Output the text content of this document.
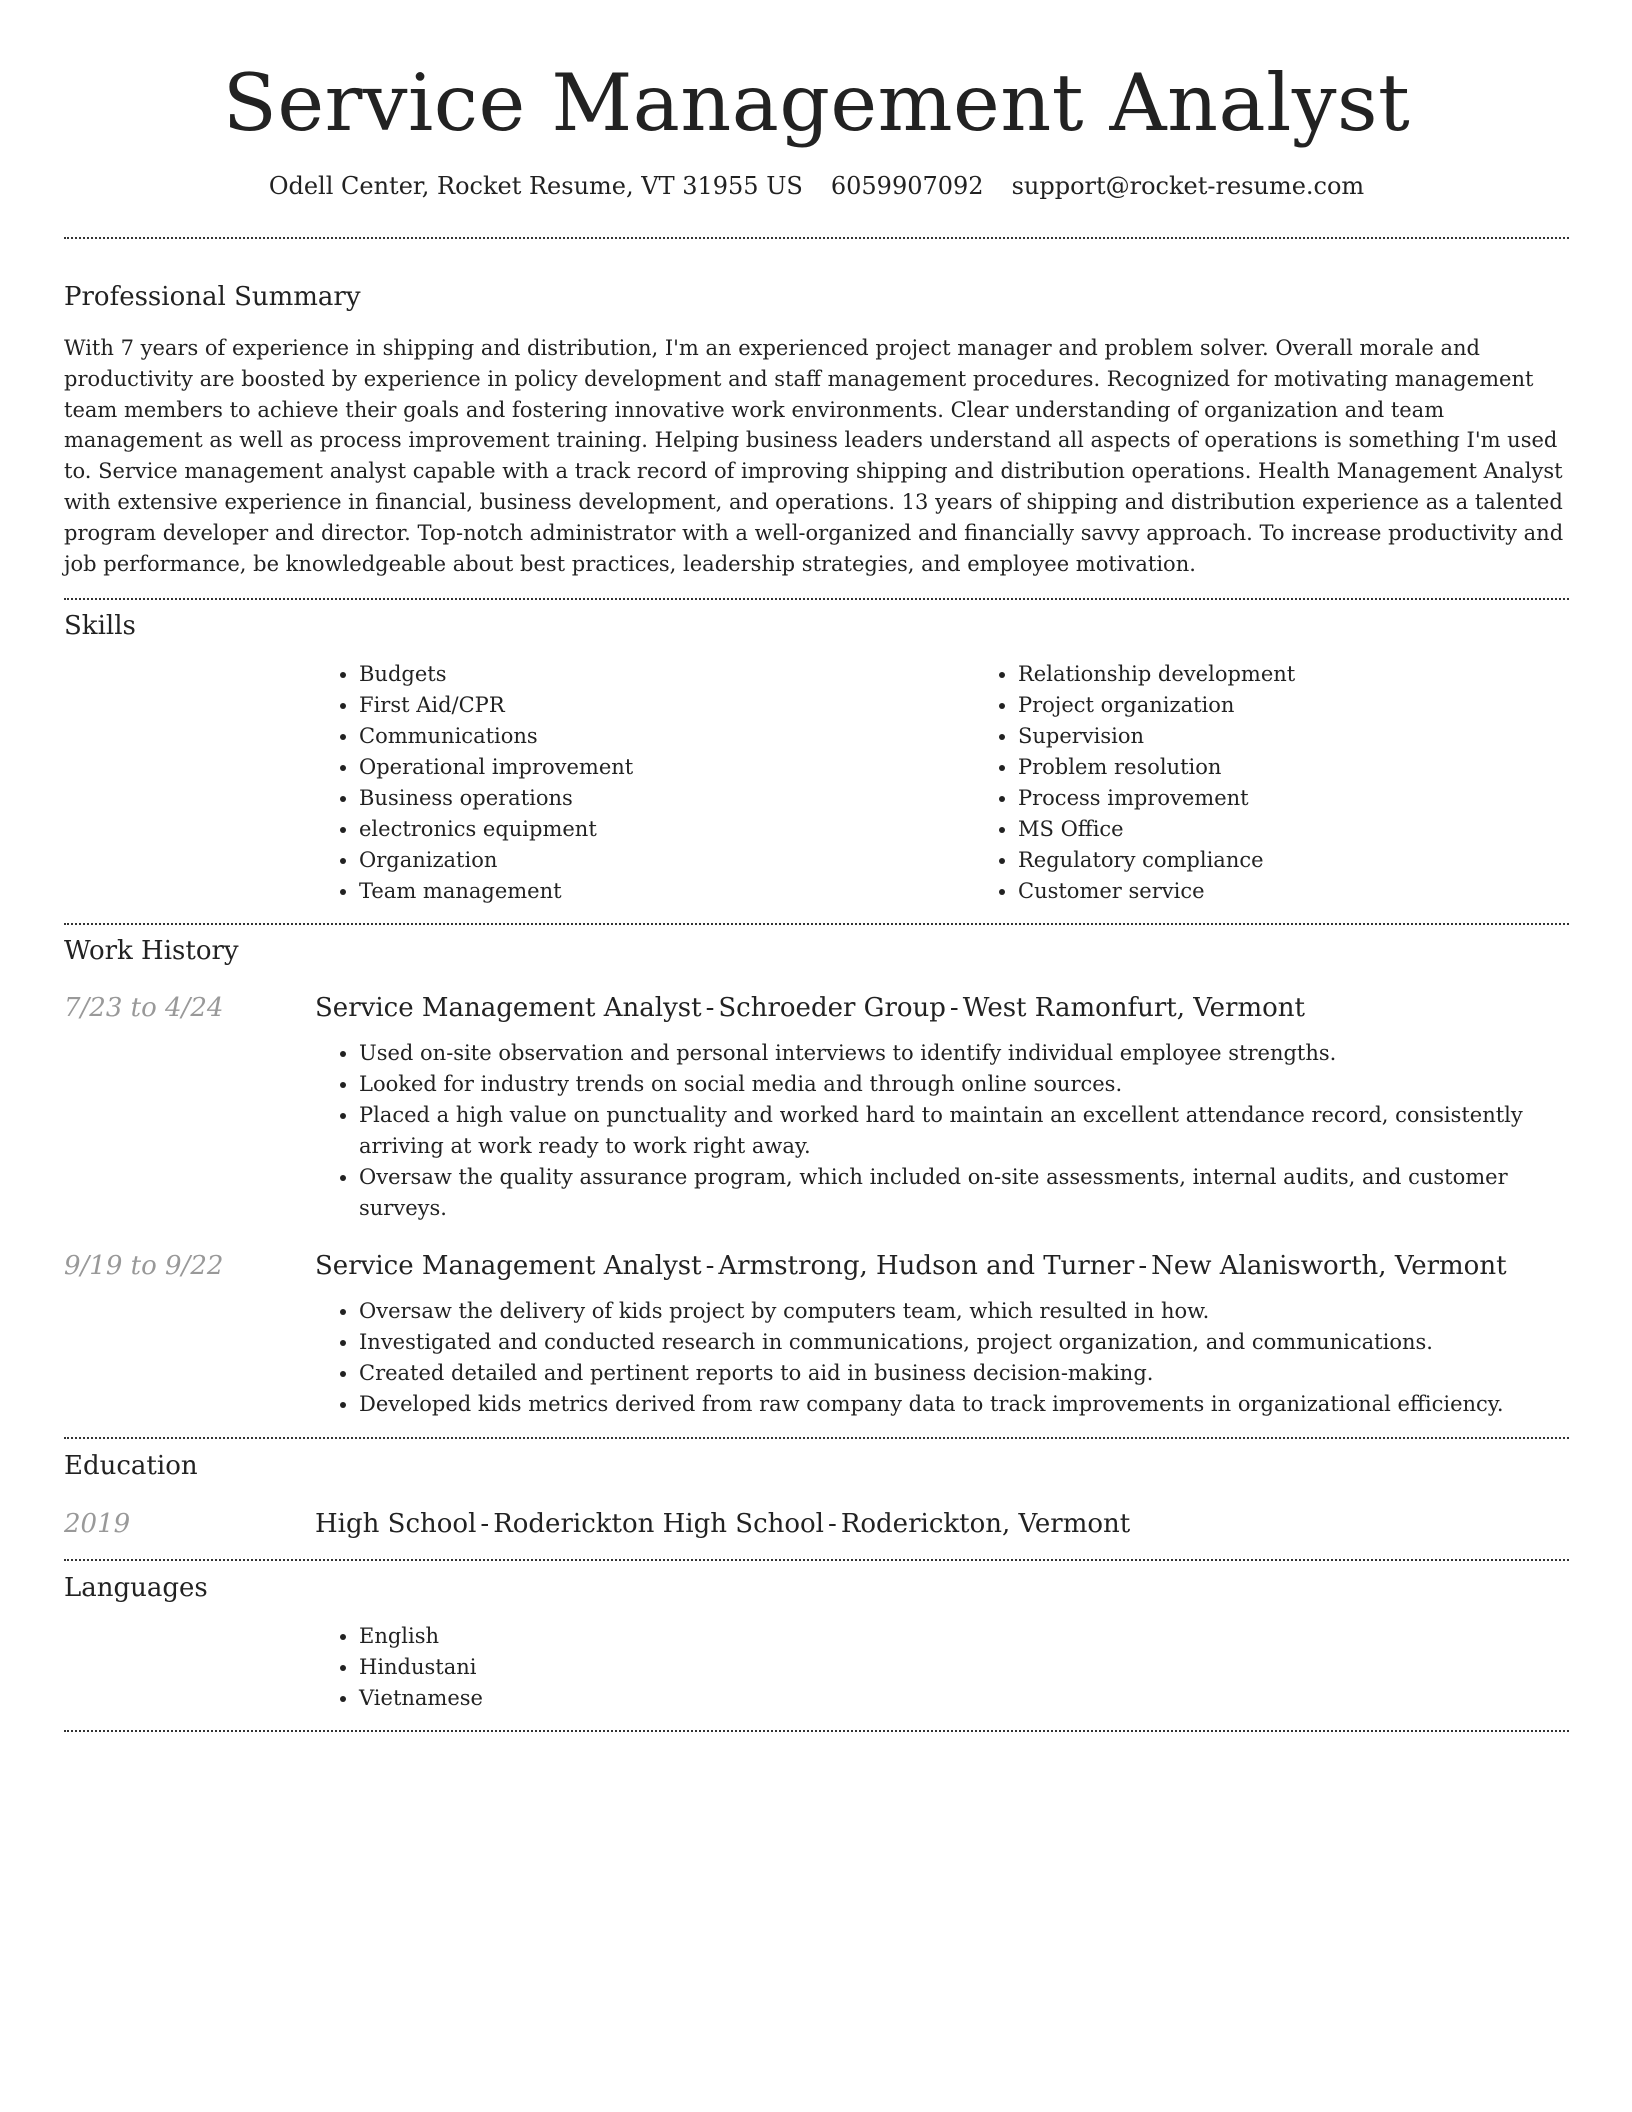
Service Management Analyst
Odell Center, Rocket Resume, VT 31955 US 6059907092 support@rocket-resume.com
Professional Summary

With 7 years of experience in shipping and distribution, I'm an experienced project manager and problem solver. Overall morale and productivity are boosted by experience in policy development and staff management procedures. Recognized for motivating management team members to achieve their goals and fostering innovative work environments. Clear understanding of organization and team management as well as process improvement training. Helping business leaders understand all aspects of operations is something I'm used to. Service management analyst capable with a track record of improving shipping and distribution operations. Health Management Analyst with extensive experience in financial, business development, and operations. 13 years of shipping and distribution experience as a talented program developer and director. Top-notch administrator with a well-organized and financially savvy approach. To increase productivity and job performance, be knowledgeable about best practices, leadership strategies, and employee motivation.

Skills
• Budgets
• First Aid/CPR
• Communications
• Operational improvement
• Business operations
• electronics equipment
• Organization
• Team management
• Relationship development
• Project organization
• Supervision
• Problem resolution
• Process improvement
• MS Office
• Regulatory compliance
• Customer service
Work History
7/23 to 4/24	Service Management Analyst - Schroeder Group - West Ramonfurt, Vermont
• Used on-site observation and personal interviews to identify individual employee strengths.
• Looked for industry trends on social media and through online sources.
• Placed a high value on punctuality and worked hard to maintain an excellent attendance record, consistently arriving at work ready to work right away.
• Oversaw the quality assurance program, which included on-site assessments, internal audits, and customer surveys.
9/19 to 9/22	Service Management Analyst - Armstrong, Hudson and Turner - New Alanisworth, Vermont
• Oversaw the delivery of kids project by computers team, which resulted in how.
• Investigated and conducted research in communications, project organization, and communications.
• Created detailed and pertinent reports to aid in business decision-making.
• Developed kids metrics derived from raw company data to track improvements in organizational efficiency.
Education
2019	High School - Roderickton High School - Roderickton, Vermont
Languages
• English
• Hindustani
• Vietnamese
